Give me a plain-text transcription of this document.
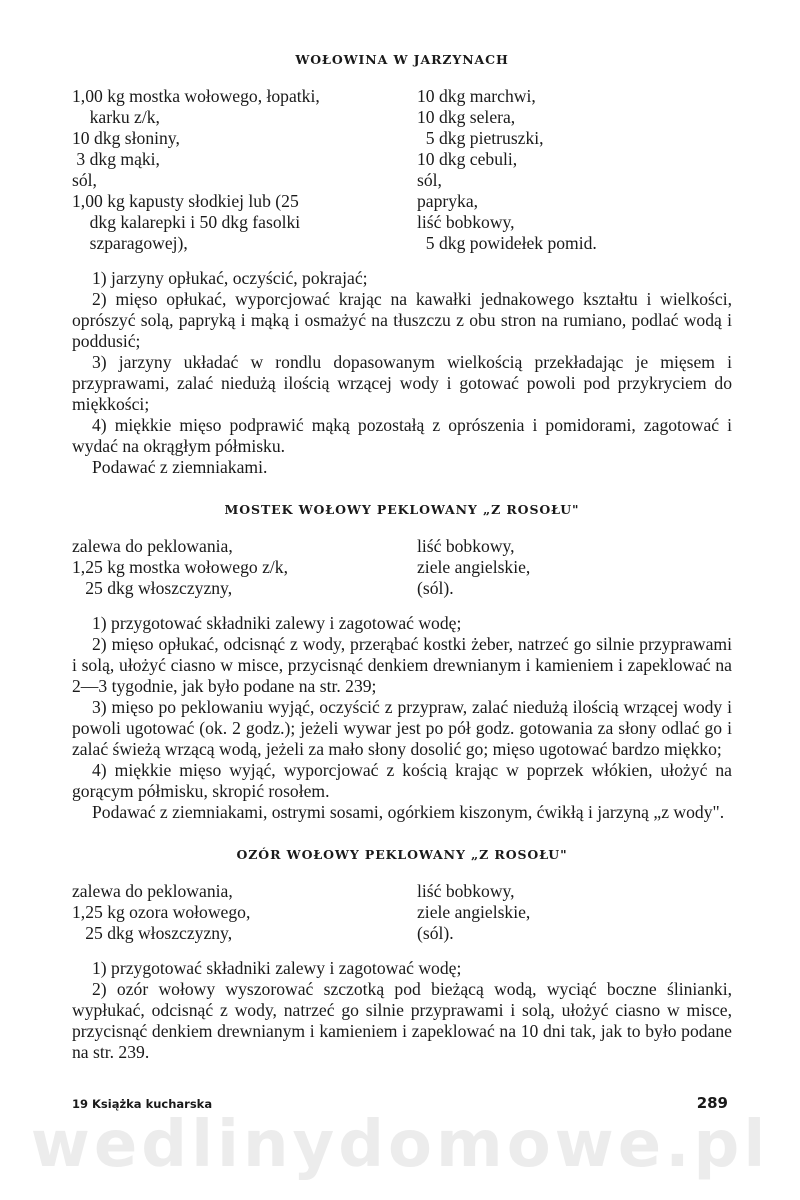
WOŁOWINA W JARZYNACH
1,00 kg mostka wołowego, łopatki,
karku z/k,
10 dkg słoniny,
3 dkg mąki,
sól,
1,00 kg kapusty słodkiej lub (25
dkg kalarepki i 50 dkg fasolki
szparagowej),
10 dkg marchwi,
10 dkg selera,
5 dkg pietruszki,
10 dkg cebuli,
sól,
papryka,
liść bobkowy,
5 dkg powidełek pomid.

1) jarzyny opłukać, oczyścić, pokrajać;

2) mięso opłukać, wyporcjować krając na kawałki jednakowego kształtu i wielkości, oprószyć solą, papryką i mąką i osmażyć na tłuszczu z obu stron na rumiano, podlać wodą i poddusić;

3) jarzyny układać w rondlu dopasowanym wielkością przekładając je mięsem i przyprawami, zalać niedużą ilością wrzącej wody i gotować powoli pod przykryciem do miękkości;

4) miękkie mięso podprawić mąką pozostałą z oprószenia i pomidorami, zagotować i wydać na okrągłym półmisku.

Podawać z ziemniakami.

MOSTEK WOŁOWY PEKLOWANY „Z ROSOŁU"
zalewa do peklowania,
1,25 kg mostka wołowego z/k,
25 dkg włoszczyzny,
liść bobkowy,
ziele angielskie,
(sól).

1) przygotować składniki zalewy i zagotować wodę;

2) mięso opłukać, odcisnąć z wody, przerąbać kostki żeber, natrzeć go silnie przyprawami i solą, ułożyć ciasno w misce, przycisnąć denkiem drewnianym i kamieniem i zapeklować na 2—3 tygodnie, jak było podane na str. 239;

3) mięso po peklowaniu wyjąć, oczyścić z przypraw, zalać niedużą ilością wrzącej wody i powoli ugotować (ok. 2 godz.); jeżeli wywar jest po pół godz. gotowania za słony odlać go i zalać świeżą wrzącą wodą, jeżeli za mało słony dosolić go; mięso ugotować bardzo miękko;

4) miękkie mięso wyjąć, wyporcjować z kością krając w poprzek włókien, ułożyć na gorącym półmisku, skropić rosołem.

Podawać z ziemniakami, ostrymi sosami, ogórkiem kiszonym, ćwikłą i jarzyną „z wody".

OZÓR WOŁOWY PEKLOWANY „Z ROSOŁU"
zalewa do peklowania,
1,25 kg ozora wołowego,
25 dkg włoszczyzny,
liść bobkowy,
ziele angielskie,
(sól).

1) przygotować składniki zalewy i zagotować wodę;

2) ozór wołowy wyszorować szczotką pod bieżącą wodą, wyciąć boczne ślinianki, wypłukać, odcisnąć z wody, natrzeć go silnie przyprawami i solą, ułożyć ciasno w misce, przycisnąć denkiem drewnianym i kamieniem i zapeklować na 10 dni tak, jak to było podane na str. 239.

19 Książka kucharska	289
wedlinydomowe.pl
